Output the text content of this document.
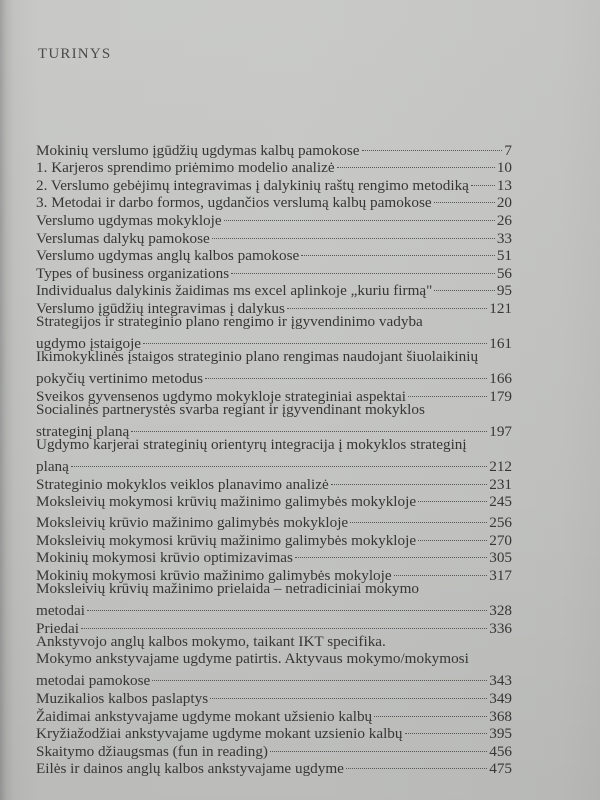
TURINYS
Mokinių verslumo įgūdžių ugdymas kalbų pamokose	7
1. Karjeros sprendimo priėmimo modelio analizė	10
2. Verslumo gebėjimų integravimas į dalykinių raštų rengimo metodiką 13
3. Metodai ir darbo formos, ugdančios verslumą kalbų pamokose	20
Verslumo ugdymas mokykloje	26
Verslumas dalykų pamokose	33
Verslumo ugdymas anglų kalbos pamokose	51
Types of business organizations	56
Individualus dalykinis žaidimas ms excel aplinkoje „kuriu firmą"	95
Verslumo įgūdžių integravimas į dalykus	121
Strategijos ir strateginio plano rengimo ir įgyvendinimo vadyba
ugdymo įstaigoje	161
Ikimokyklinės įstaigos strateginio plano rengimas naudojant šiuolaikinių
pokyčių vertinimo metodus	166
Sveikos gyvensenos ugdymo mokykloje strateginiai aspektai	179
Socialinės partnerystės svarba regiant ir įgyvendinant mokyklos
strateginį planą	197
Ugdymo karjerai strateginių orientyrų integracija į mokyklos strateginį
planą	212
Strateginio mokyklos veiklos planavimo analizė	231
Moksleivių mokymosi krūvių mažinimo galimybės mokykloje	245
Moksleivių krūvio mažinimo galimybės mokykloje	256
Moksleivių mokymosi krūvių mažinimo galimybės mokykloje	270
Mokinių mokymosi krūvio optimizavimas	305
Mokinių mokymosi krūvio mažinimo galimybės mokyloje	317
Moksleivių krūvių mažinimo prielaida – netradiciniai mokymo
metodai	328
Priedai	336
Ankstyvojo anglų kalbos mokymo, taikant IKT specifika.
Mokymo ankstyvajame ugdyme patirtis. Aktyvaus mokymo/mokymosi
metodai pamokose	343
Muzikalios kalbos paslaptys	349
Žaidimai ankstyvajame ugdyme mokant užsienio kalbų	368
Kryžiažodžiai ankstyvajame ugdyme mokant uzsienio kalbų	395
Skaitymo džiaugsmas (fun in reading)	456
Eilės ir dainos anglų kalbos ankstyvajame ugdyme	475
